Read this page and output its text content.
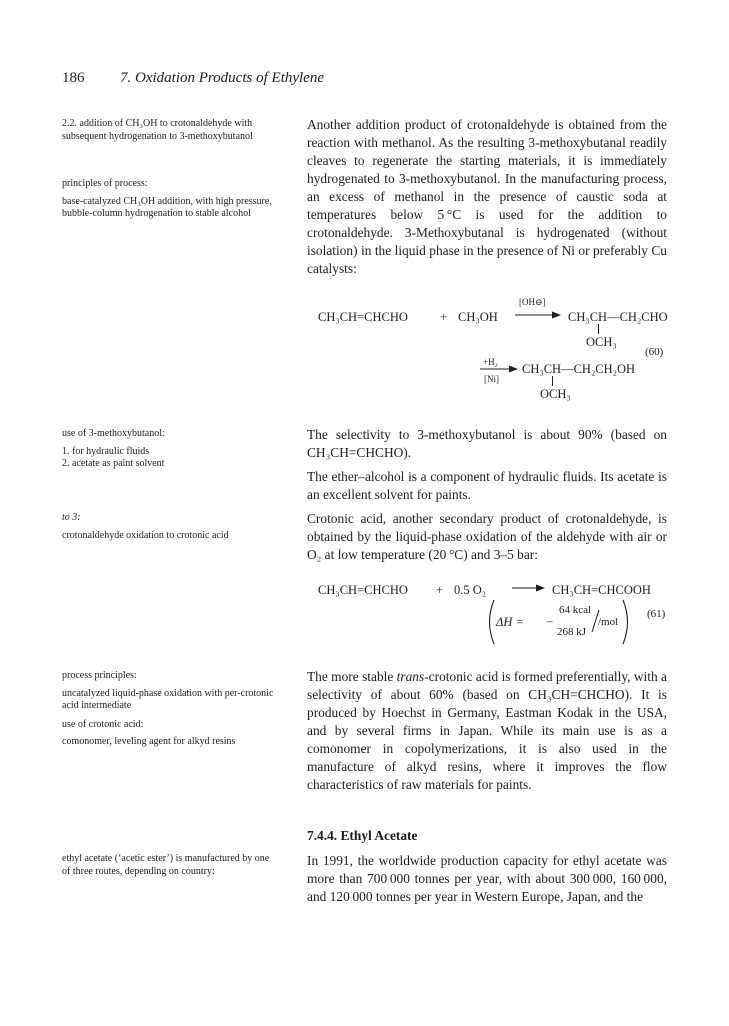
186 7. Oxidation Products of Ethylene

2.2. addition of CH₃OH to crotonaldehyde with subsequent hydrogenation to 3-methoxybutanol

principles of process:

base-catalyzed CH₃OH addition, with high pressure, bubble-column hydrogenation to stable alcohol

use of 3-methoxybutanol:

1. for hydraulic fluids

2. acetate as paint solvent

to 3:

crotonaldehyde oxidation to crotonic acid

process principles:

uncatalyzed liquid-phase oxidation with per-crotonic acid intermediate

use of crotonic acid:

comonomer, leveling agent for alkyd resins

ethyl acetate (‘acetic ester’) is manufactured by one of three routes, depending on country:

Another addition product of crotonaldehyde is obtained from the reaction with methanol. As the resulting 3-methoxybutanal readily cleaves to regenerate the starting materials, it is immediately hydrogenated to 3-methoxybutanol. In the manufacturing process, an excess of methanol in the presence of caustic soda at temperatures below 5 °C is used for the addition to crotonaldehyde. 3-Methoxybutanal is hydrogenated (without isolation) in the liquid phase in the presence of Ni or preferably Cu catalysts:

CH₃CH=CHCHO	+ CH₃OH
[OH⊖]
CH₃CH—CH₂CHO
OCH₃
(60)
+H₂
[Ni]
CH₃CH—CH₂CH₂OH
OCH₃

The selectivity to 3-methoxybutanol is about 90% (based on CH₃CH=CHCHO).

The ether–alcohol is a component of hydraulic fluids. Its acetate is an excellent solvent for paints.

Crotonic acid, another secondary product of crotonaldehyde, is obtained by the liquid-phase oxidation of the aldehyde with air or O₂ at low temperature (20 °C) and 3–5 bar:

CH₃CH=CHCHO + 0.5 O₂	CH₃CH=CHCOOH
ΔH = −
64 kcal
268 kJ
/mol
(61)

The more stable trans-crotonic acid is formed preferentially, with a selectivity of about 60% (based on CH₃CH=CHCHO). It is produced by Hoechst in Germany, Eastman Kodak in the USA, and by several firms in Japan. While its main use is as a comonomer in copolymerizations, it is also used in the manufacture of alkyd resins, where it improves the flow characteristics of raw materials for paints.

7.4.4. Ethyl Acetate

In 1991, the worldwide production capacity for ethyl acetate was more than 700 000 tonnes per year, with about 300 000, 160 000, and 120 000 tonnes per year in Western Europe, Japan, and the
